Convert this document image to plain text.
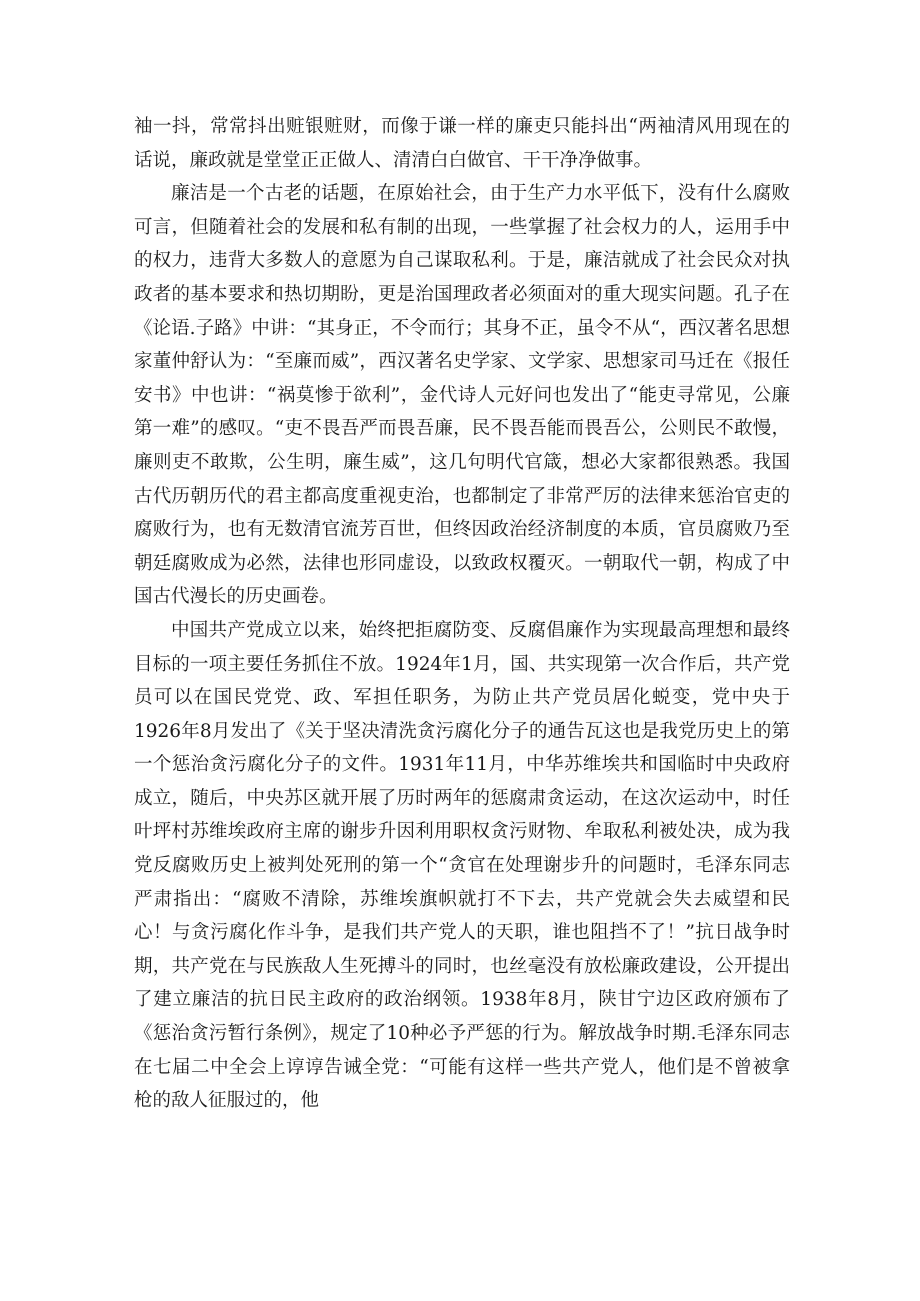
袖一抖，常常抖出赃银赃财，而像于谦一样的廉吏只能抖出“两袖清风用现在的话说，廉政就是堂堂正正做人、清清白白做官、干干净净做事。

廉洁是一个古老的话题，在原始社会，由于生产力水平低下，没有什么腐败可言，但随着社会的发展和私有制的出现，一些掌握了社会权力的人，运用手中的权力，违背大多数人的意愿为自己谋取私利。于是，廉洁就成了社会民众对执政者的基本要求和热切期盼，更是治国理政者必须面对的重大现实问题。孔子在《论语.子路》中讲：“其身正，不令而行；其身不正，虽令不从“，西汉著名思想家董仲舒认为：“至廉而威”，西汉著名史学家、文学家、思想家司马迁在《报任安书》中也讲：“祸莫惨于欲利”，金代诗人元好问也发出了“能吏寻常见，公廉第一难”的感叹。“吏不畏吾严而畏吾廉，民不畏吾能而畏吾公，公则民不敢慢，廉则吏不敢欺，公生明，廉生威”，这几句明代官箴，想必大家都很熟悉。我国古代历朝历代的君主都高度重视吏治，也都制定了非常严厉的法律来惩治官吏的腐败行为，也有无数清官流芳百世，但终因政治经济制度的本质，官员腐败乃至朝廷腐败成为必然，法律也形同虚设，以致政权覆灭。一朝取代一朝，构成了中国古代漫长的历史画卷。

中国共产党成立以来，始终把拒腐防变、反腐倡廉作为实现最高理想和最终目标的一项主要任务抓住不放。1924年1月，国、共实现第一次合作后，共产党员可以在国民党党、政、军担任职务，为防止共产党员居化蜕变，党中央于1926年8月发出了《关于坚决清洗贪污腐化分子的通告瓦这也是我党历史上的第一个惩治贪污腐化分子的文件。1931年11月，中华苏维埃共和国临时中央政府成立，随后，中央苏区就开展了历时两年的惩腐肃贪运动，在这次运动中，时任叶坪村苏维埃政府主席的谢步升因利用职权贪污财物、牟取私利被处决，成为我党反腐败历史上被判处死刑的第一个“贪官在处理谢步升的问题时，毛泽东同志严肃指出：“腐败不清除，苏维埃旗帜就打不下去，共产党就会失去威望和民心！与贪污腐化作斗争，是我们共产党人的天职，谁也阻挡不了！”抗日战争时期，共产党在与民族敌人生死搏斗的同时，也丝毫没有放松廉政建设，公开提出了建立廉洁的抗日民主政府的政治纲领。1938年8月，陕甘宁边区政府颁布了《惩治贪污暂行条例》，规定了10种必予严惩的行为。解放战争时期.毛泽东同志在七届二中全会上谆谆告诫全党：“可能有这样一些共产党人，他们是不曾被拿枪的敌人征服过的，他
